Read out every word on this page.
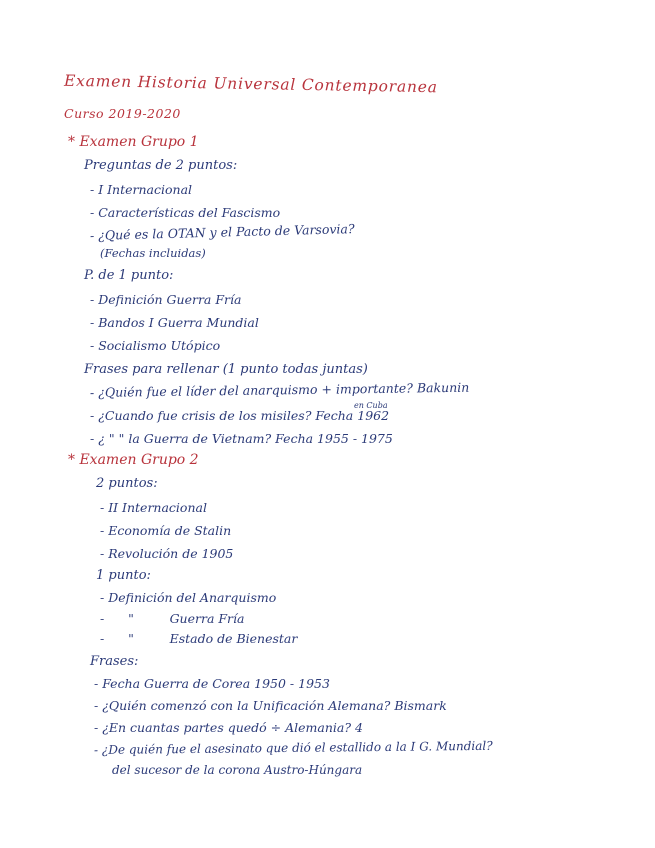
Examen Historia Universal Contemporanea
Curso 2019-2020
* Examen Grupo 1
Preguntas de 2 puntos:
- I Internacional
- Características del Fascismo
- ¿Qué es la OTAN y el Pacto de Varsovia?
(Fechas incluidas)
P. de 1 punto:
- Definición Guerra Fría
- Bandos I Guerra Mundial
- Socialismo Utópico
Frases para rellenar (1 punto todas juntas)
- ¿Quién fue el líder del anarquismo + importante? Bakunin
en Cuba
- ¿Cuando fue crisis de los misiles? Fecha 1962
- ¿ " " la Guerra de Vietnam? Fecha 1955 - 1975
* Examen Grupo 2
2 puntos:
- II Internacional
- Economía de Stalin
- Revolución de 1905
1 punto:
- Definición del Anarquismo
-      "         Guerra Fría
-      "         Estado de Bienestar
Frases:
- Fecha Guerra de Corea 1950 - 1953
- ¿Quién comenzó con la Unificación Alemana? Bismark
- ¿En cuantas partes quedó ÷ Alemania? 4
- ¿De quién fue el asesinato que dió el estallido a la I G. Mundial?
del sucesor de la corona Austro-Húngara
